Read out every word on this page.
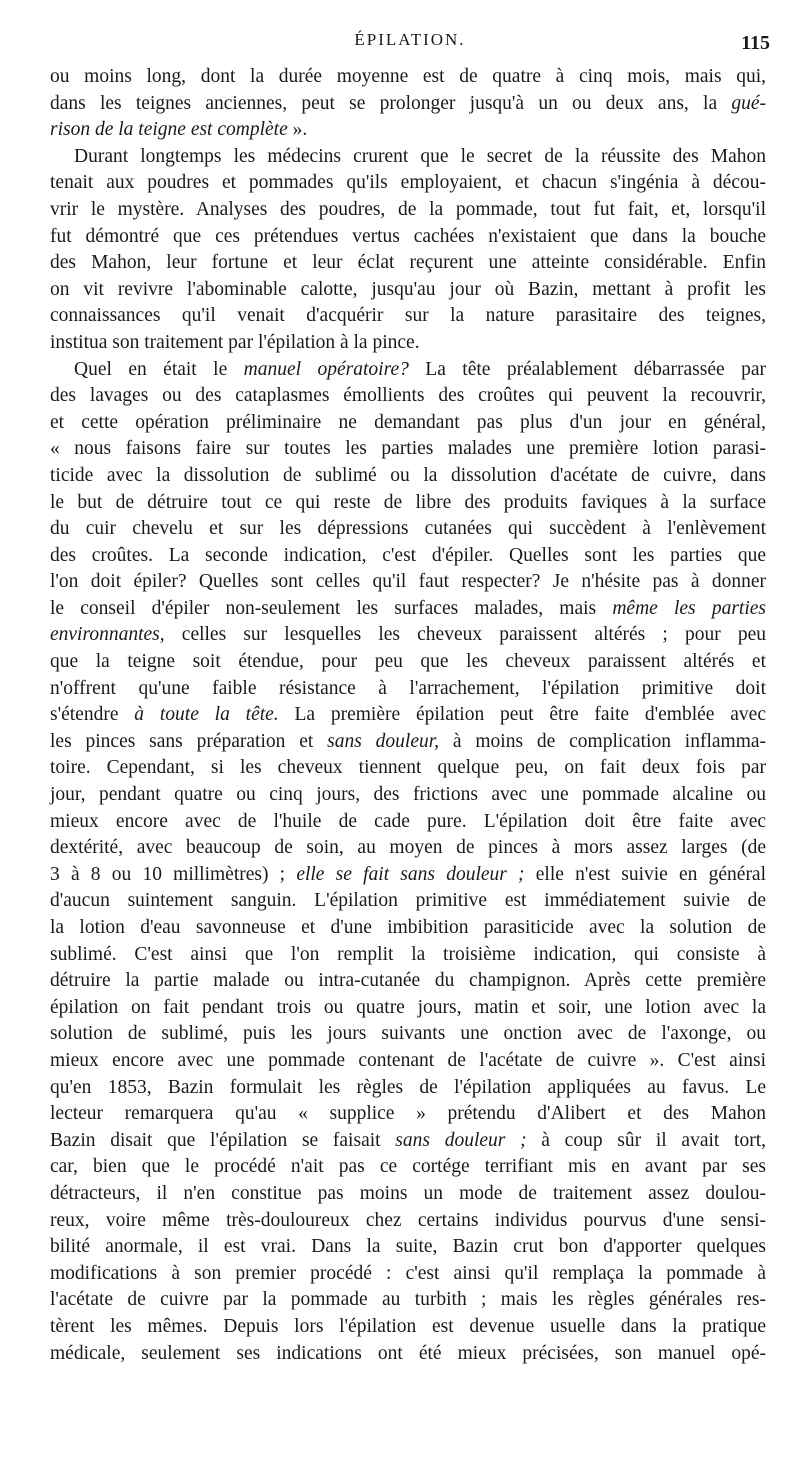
ÉPILATION.	115
ou moins long, dont la durée moyenne est de quatre à cinq mois, mais qui,
dans les teignes anciennes, peut se prolonger jusqu'à un ou deux ans, la gué-
rison de la teigne est complète ».
Durant longtemps les médecins crurent que le secret de la réussite des Mahon
tenait aux poudres et pommades qu'ils employaient, et chacun s'ingénia à décou-
vrir le mystère. Analyses des poudres, de la pommade, tout fut fait, et, lorsqu'il
fut démontré que ces prétendues vertus cachées n'existaient que dans la bouche
des Mahon, leur fortune et leur éclat reçurent une atteinte considérable. Enfin
on vit revivre l'abominable calotte, jusqu'au jour où Bazin, mettant à profit les
connaissances qu'il venait d'acquérir sur la nature parasitaire des teignes,
institua son traitement par l'épilation à la pince.
Quel en était le manuel opératoire? La tête préalablement débarrassée par
des lavages ou des cataplasmes émollients des croûtes qui peuvent la recouvrir,
et cette opération préliminaire ne demandant pas plus d'un jour en général,
« nous faisons faire sur toutes les parties malades une première lotion parasi-
ticide avec la dissolution de sublimé ou la dissolution d'acétate de cuivre, dans
le but de détruire tout ce qui reste de libre des produits faviques à la surface
du cuir chevelu et sur les dépressions cutanées qui succèdent à l'enlèvement
des croûtes. La seconde indication, c'est d'épiler. Quelles sont les parties que
l'on doit épiler? Quelles sont celles qu'il faut respecter? Je n'hésite pas à donner
le conseil d'épiler non-seulement les surfaces malades, mais même les parties
environnantes, celles sur lesquelles les cheveux paraissent altérés ; pour peu
que la teigne soit étendue, pour peu que les cheveux paraissent altérés et
n'offrent qu'une faible résistance à l'arrachement, l'épilation primitive doit
s'étendre à toute la tête. La première épilation peut être faite d'emblée avec
les pinces sans préparation et sans douleur, à moins de complication inflamma-
toire. Cependant, si les cheveux tiennent quelque peu, on fait deux fois par
jour, pendant quatre ou cinq jours, des frictions avec une pommade alcaline ou
mieux encore avec de l'huile de cade pure. L'épilation doit être faite avec
dextérité, avec beaucoup de soin, au moyen de pinces à mors assez larges (de
3 à 8 ou 10 millimètres) ; elle se fait sans douleur ; elle n'est suivie en général
d'aucun suintement sanguin. L'épilation primitive est immédiatement suivie de
la lotion d'eau savonneuse et d'une imbibition parasiticide avec la solution de
sublimé. C'est ainsi que l'on remplit la troisième indication, qui consiste à
détruire la partie malade ou intra-cutanée du champignon. Après cette première
épilation on fait pendant trois ou quatre jours, matin et soir, une lotion avec la
solution de sublimé, puis les jours suivants une onction avec de l'axonge, ou
mieux encore avec une pommade contenant de l'acétate de cuivre ». C'est ainsi
qu'en 1853, Bazin formulait les règles de l'épilation appliquées au favus. Le
lecteur remarquera qu'au « supplice » prétendu d'Alibert et des Mahon
Bazin disait que l'épilation se faisait sans douleur ; à coup sûr il avait tort,
car, bien que le procédé n'ait pas ce cortége terrifiant mis en avant par ses
détracteurs, il n'en constitue pas moins un mode de traitement assez doulou-
reux, voire même très-douloureux chez certains individus pourvus d'une sensi-
bilité anormale, il est vrai. Dans la suite, Bazin crut bon d'apporter quelques
modifications à son premier procédé : c'est ainsi qu'il remplaça la pommade à
l'acétate de cuivre par la pommade au turbith ; mais les règles générales res-
tèrent les mêmes. Depuis lors l'épilation est devenue usuelle dans la pratique
médicale, seulement ses indications ont été mieux précisées, son manuel opé-
